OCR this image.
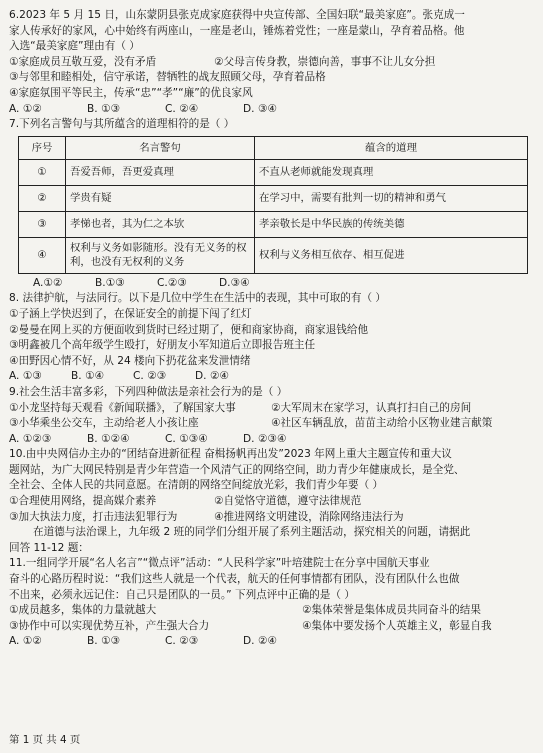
6.2023 年 5 月 15 日，山东蒙阴县张克成家庭获得中央宣传部、全国妇联“最美家庭”。张克成一
家人传承好的家风，心中始终有两座山，一座是老山，锤炼着党性；一座是蒙山，孕育着品格。他
入选“最美家庭”理由有（ ）
①家庭成员互敬互爱，没有矛盾	②父母言传身教，崇德向善，事事不让儿女分担
③与邻里和睦相处，信守承诺，替牺牲的战友照顾父母，孕育着品格
④家庭氛围平等民主，传承“忠”“孝”“廉”的优良家风
A. ①②	B. ①③	C. ②④	D. ③④
7.下列名言警句与其所蕴含的道理相符的是（ ）
序号	名言警句	蕴含的道理
①	吾爱吾师，吾更爱真理	不直从老师就能发现真理
②	学贵有疑	在学习中，需要有批判一切的精神和勇气
③	孝悌也者，其为仁之本欤	孝亲敬长是中华民族的传统美德
④	权利与义务如影随形。没有无义务的权利，也没有无权利的义务	权利与义务相互依存、相互促进
A.①②	B.①③	C.②③	D.③④
8. 法律护航，与法同行。以下是几位中学生在生活中的表现，其中可取的有（ ）
①子涵上学快迟到了，在保证安全的前提下闯了红灯
②曼曼在网上买的方便面收到货时已经过期了，便和商家协商，商家退钱给他
③明鑫被几个高年级学生殴打，好朋友小军知道后立即报告班主任
④田野因心情不好，从 24 楼向下扔花盆来发泄情绪
A. ①③	B. ①④	C. ②③	D. ②④
9.社会生活丰富多彩，下列四种做法是亲社会行为的是（ ）
①小龙坚持每天观看《新闻联播》，了解国家大事	②大军周末在家学习，认真打扫自己的房间
③小华乘坐公交车，主动给老人小孩让座	④社区车辆乱放，苗苗主动给小区物业建言献策
A. ①②③	B. ①②④	C. ①③④	D. ②③④
10.由中央网信办主办的“团结奋进新征程 奋楫扬帆再出发”2023 年网上重大主题宣传和重大议
题网站，为广大网民特别是青少年营造一个风清气正的网络空间，助力青少年健康成长，是全党、
全社会、全体人民的共同意愿。在清朗的网络空间绽放光彩，我们青少年要（ ）
①合理使用网络，提高媒介素养	②自觉恪守道德，遵守法律规范
③加大执法力度，打击违法犯罪行为	④推进网络文明建设，消除网络违法行为
在道德与法治课上，九年级 2 班的同学们分组开展了系列主题活动，探究相关的问题，请据此
回答 11-12 题：
11.一组同学开展“名人名言”“微点评”活动：“人民科学家”叶培建院士在分享中国航天事业
奋斗的心路历程时说：“我们这些人就是一个代表，航天的任何事情都有团队，没有团队什么也做
不出来，必须永远记住：自己只是团队的一员。” 下列点评中正确的是（ ）
①成员越多，集体的力量就越大	②集体荣誉是集体成员共同奋斗的结果
③协作中可以实现优势互补，产生强大合力	④集体中要发扬个人英雄主义，彰显自我
A. ①②	B. ①③	C. ②③	D. ②④
第 1 页 共 4 页
